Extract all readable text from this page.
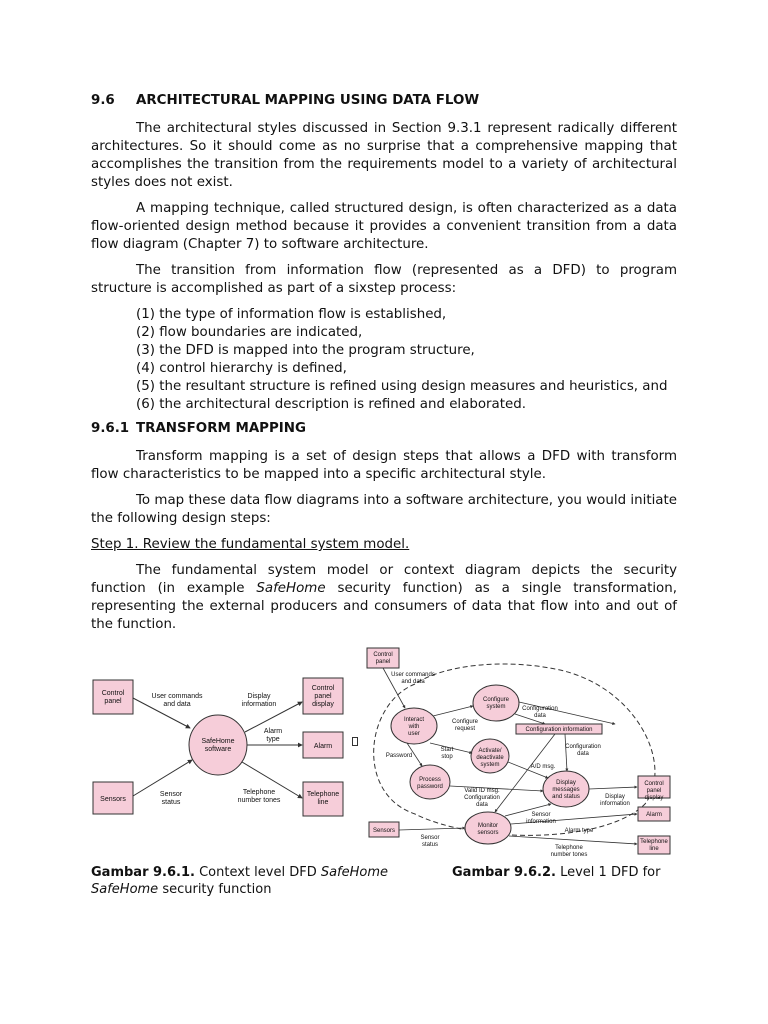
9.6 ARCHITECTURAL MAPPING USING DATA FLOW

The architectural styles discussed in Section 9.3.1 represent radically different architectures. So it should come as no surprise that a comprehensive mapping that accomplishes the transition from the requirements model to a variety of architectural styles does not exist.

A mapping technique, called structured design, is often characterized as a data flow-oriented design method because it provides a convenient transition from a data flow diagram (Chapter 7) to software architecture.

The transition from information flow (represented as a DFD) to program structure is accomplished as part of a sixstep process:

(1) the type of information flow is established,
(2) flow boundaries are indicated,
(3) the DFD is mapped into the program structure,
(4) control hierarchy is defined,
(5) the resultant structure is refined using design measures and heuristics, and
(6) the architectural description is refined and elaborated.
9.6.1 TRANSFORM MAPPING

Transform mapping is a set of design steps that allows a DFD with transform flow characteristics to be mapped into a specific architectural style.

To map these data flow diagrams into a software architecture, you would initiate the following design steps:

Step 1. Review the fundamental system model.

The fundamental system model or context diagram depicts the security function (in example SafeHome security function) as a single transformation, representing the external producers and consumers of data that flow into and out of the function.

Control panel
Sensors
SafeHome software
Control panel display
Alarm
Telephone line
User commands and data
Display information
Alarm type
Sensor status
Telephone number tones
Control panel
User commands and data
Configure system
Interact with user
Configure request
Configuration data
Configuration information
Password
Start stop
Activate/ deactivate system
Configuration data
A/D msg.
Process password
Display messages and status	Display information
Control panel display
Valid ID msg. Configuration data
Sensor information
Alarm
Sensors
Monitor sensors	Alarm type
Sensor status	Telephone number tones
Telephone line
Gambar 9.6.1. Context level DFD SafeHome
SafeHome security function
Gambar 9.6.2. Level 1 DFD for
